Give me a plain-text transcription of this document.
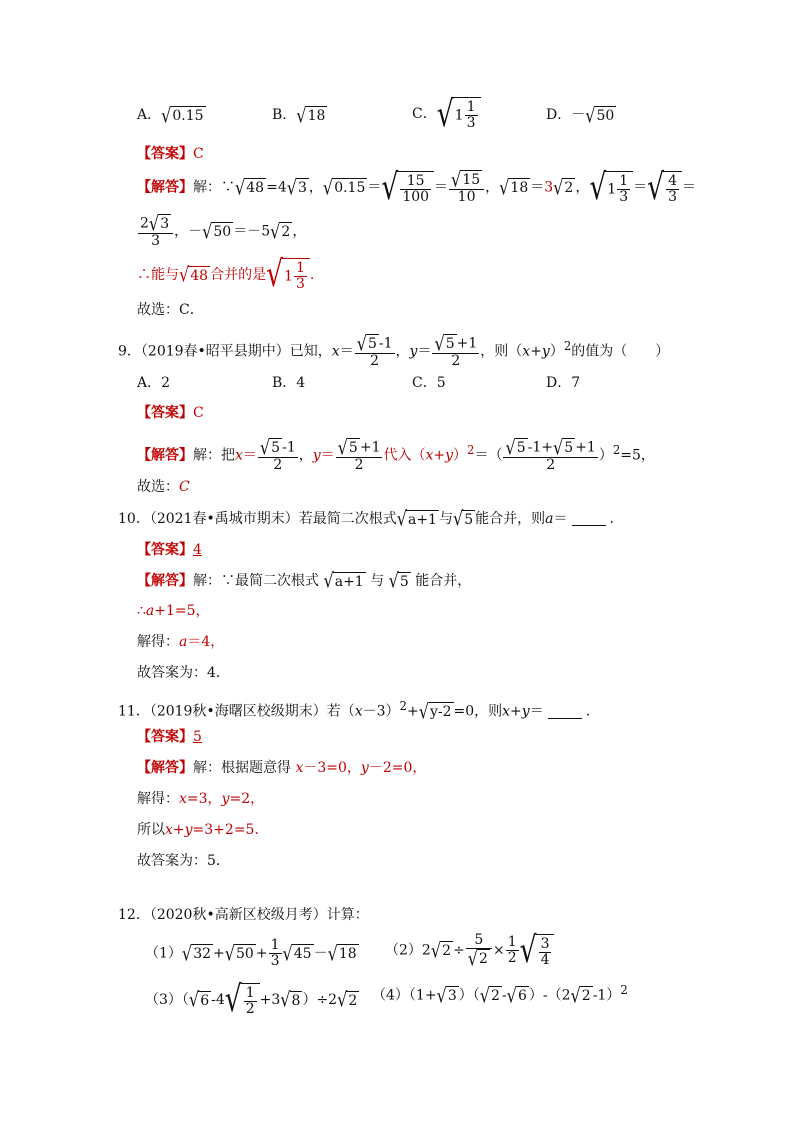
A．√0.15	B．√18	C．$√1 \frac{1}{3}$	D．－√50
【答案】C
【解答】解：∵√48 =4√3 ，√0.15 ＝√ $\frac{15}{100} = \frac{√15}{10}$ ，√18 ＝3√2 ，$√1 \frac{1}{3}$ ＝√ $\frac{4}{3}$ ＝
$\frac{2√3}{3}$ ，－√50 ＝－5√2 ，
∴能与√48 合并的是$√1 \frac{1}{3}$ .
故选：C．
9．（2019春•昭平县期中）已知，$x= \frac{√5 -1}{2}$ ，$y= \frac{√5 +1}{2}$ ，则$(x+y)^2$的值为（　　）
A．2	B．4	C．5	D．7
【答案】C
【解答】解：把$x= \frac{√5 -1}{2}$ ，$y= \frac{√5 +1}{2}$ 代入$(x+y)^2=( \frac{√5 -1+√5 +1}{2} )^2=5$，
故选：C
10．（2021春•禹城市期末）若最简二次根式√a+1 与√5 能合并，则a＝	.
【答案】4
【解答】解：∵最简二次根式 √a+1 与 √5 能合并，
∴a+1=5，
解得：a＝4，
故答案为：4．
11．（2019秋•海曙区校级期末）若$(x-3)^2+√y-2 =0$，则x+y＝	.
【答案】5
【解答】解：根据题意得 x－3=0，y－2=0，
解得：x=3，y=2，
所以x+y=3+2=5．
故答案为：5．
12．（2020秋•高新区校级月考）计算：
$(1)√32 +√50 + \frac{1}{3} √45 -√18$ $(2)2√2 \div \frac{5}{√2} \times \frac{1}{2}$ √ $\frac{3}{4}$
（3）（√6 $-4√ \frac{1}{2} +3√8$ ）÷2√2 （4）（1+√3 ）（√2 -√6 ）-（2√2 -1）$^2$
